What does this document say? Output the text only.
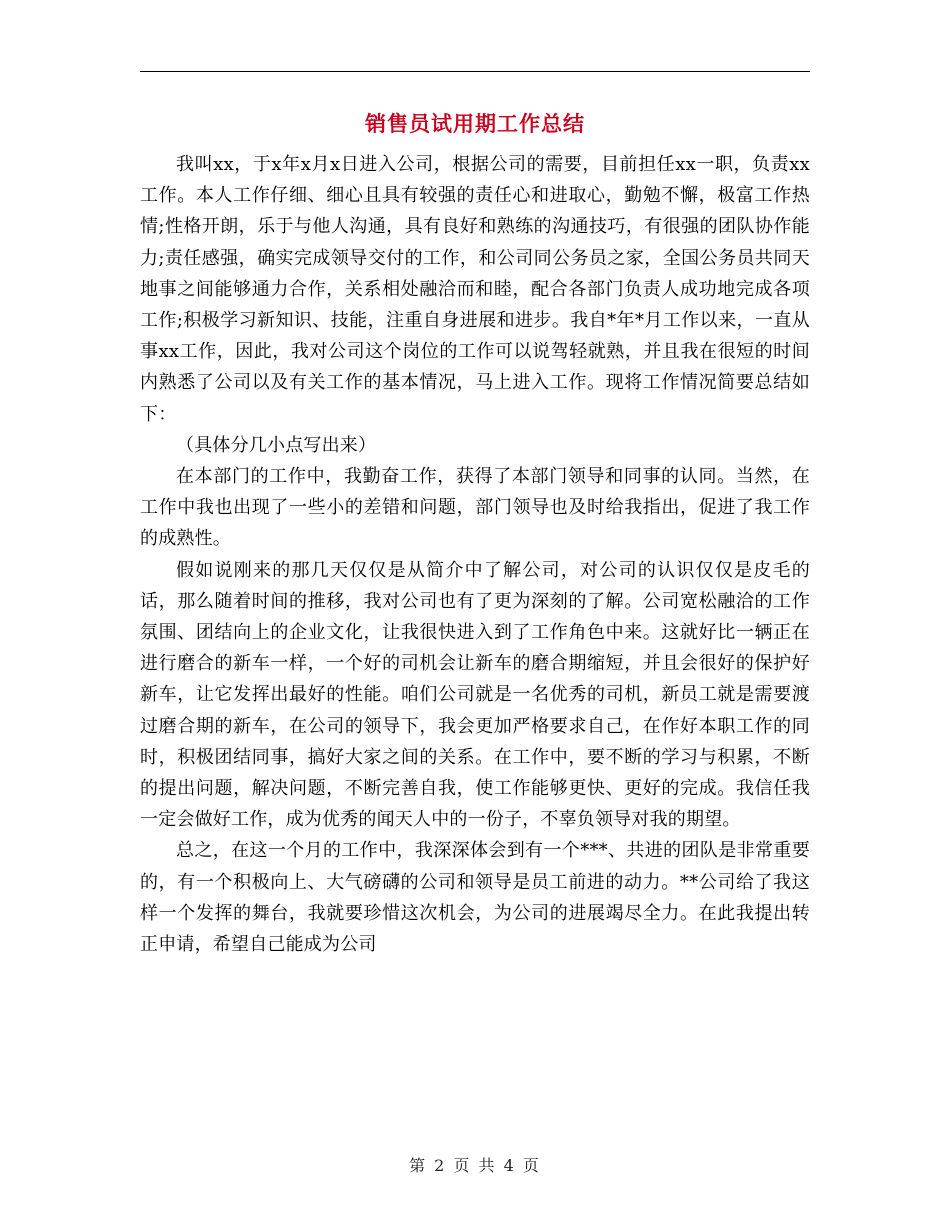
销售员试用期工作总结

我叫xx，于x年x月x日进入公司，根据公司的需要，目前担任xx一职，负责xx工作。本人工作仔细、细心且具有较强的责任心和进取心，勤勉不懈，极富工作热情;性格开朗，乐于与他人沟通，具有良好和熟练的沟通技巧，有很强的团队协作能力;责任感强，确实完成领导交付的工作，和公司同公务员之家，全国公务员共同天地事之间能够通力合作，关系相处融洽而和睦，配合各部门负责人成功地完成各项工作;积极学习新知识、技能，注重自身进展和进步。我自*年*月工作以来，一直从事xx工作，因此，我对公司这个岗位的工作可以说驾轻就熟，并且我在很短的时间内熟悉了公司以及有关工作的基本情况，马上进入工作。现将工作情况简要总结如下：

（具体分几小点写出来）

在本部门的工作中，我勤奋工作，获得了本部门领导和同事的认同。当然，在工作中我也出现了一些小的差错和问题，部门领导也及时给我指出，促进了我工作的成熟性。

假如说刚来的那几天仅仅是从简介中了解公司，对公司的认识仅仅是皮毛的话，那么随着时间的推移，我对公司也有了更为深刻的了解。公司宽松融洽的工作氛围、团结向上的企业文化，让我很快进入到了工作角色中来。这就好比一辆正在进行磨合的新车一样，一个好的司机会让新车的磨合期缩短，并且会很好的保护好新车，让它发挥出最好的性能。咱们公司就是一名优秀的司机，新员工就是需要渡过磨合期的新车，在公司的领导下，我会更加严格要求自己，在作好本职工作的同时，积极团结同事，搞好大家之间的关系。在工作中，要不断的学习与积累，不断的提出问题，解决问题，不断完善自我，使工作能够更快、更好的完成。我信任我一定会做好工作，成为优秀的闻天人中的一份子，不辜负领导对我的期望。

总之，在这一个月的工作中，我深深体会到有一个***、共进的团队是非常重要的，有一个积极向上、大气磅礴的公司和领导是员工前进的动力。**公司给了我这样一个发挥的舞台，我就要珍惜这次机会，为公司的进展竭尽全力。在此我提出转正申请，希望自己能成为公司

第 2 页 共 4 页
